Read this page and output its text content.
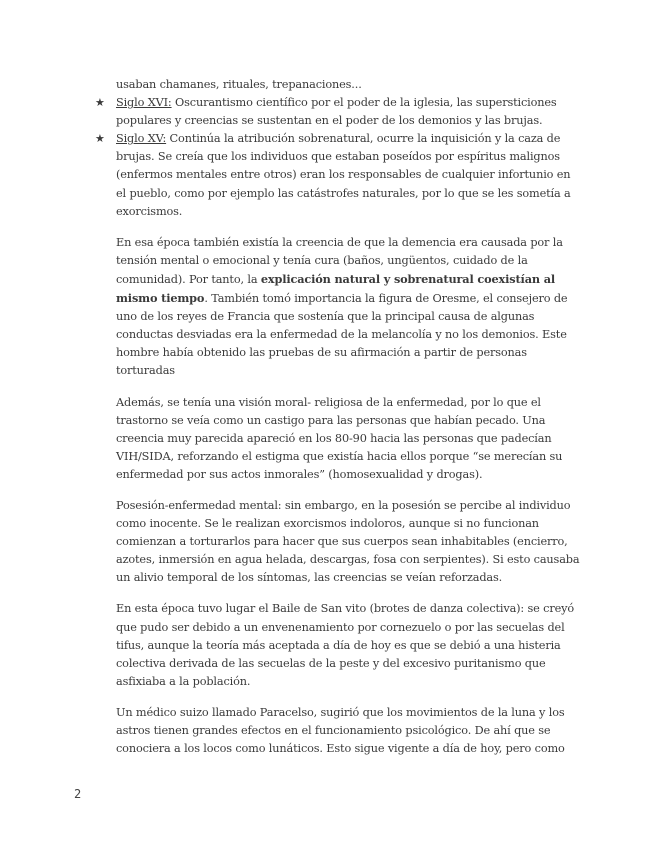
usaban chamanes, rituales, trepanaciones...
★ Siglo XVI: Oscurantismo científico por el poder de la iglesia, las supersticiones
populares y creencias se sustentan en el poder de los demonios y las brujas.
★ Siglo XV: Continúa la atribución sobrenatural, ocurre la inquisición y la caza de
brujas. Se creía que los individuos que estaban poseídos por espíritus malignos
(enfermos mentales entre otros) eran los responsables de cualquier infortunio en
el pueblo, como por ejemplo las catástrofes naturales, por lo que se les sometía a
exorcismos.
En esa época también existía la creencia de que la demencia era causada por la
tensión mental o emocional y tenía cura (baños, ungüentos, cuidado de la
comunidad). Por tanto, la explicación natural y sobrenatural coexistían al
mismo tiempo. También tomó importancia la figura de Oresme, el consejero de
uno de los reyes de Francia que sostenía que la principal causa de algunas
conductas desviadas era la enfermedad de la melancolía y no los demonios. Este
hombre había obtenido las pruebas de su afirmación a partir de personas
torturadas
Además, se tenía una visión moral- religiosa de la enfermedad, por lo que el
trastorno se veía como un castigo para las personas que habían pecado. Una
creencia muy parecida apareció en los 80-90 hacia las personas que padecían
VIH/SIDA, reforzando el estigma que existía hacia ellos porque “se merecían su
enfermedad por sus actos inmorales” (homosexualidad y drogas).
Posesión-enfermedad mental: sin embargo, en la posesión se percibe al individuo
como inocente. Se le realizan exorcismos indoloros, aunque si no funcionan
comienzan a torturarlos para hacer que sus cuerpos sean inhabitables (encierro,
azotes, inmersión en agua helada, descargas, fosa con serpientes). Si esto causaba
un alivio temporal de los síntomas, las creencias se veían reforzadas.
En esta época tuvo lugar el Baile de San vito (brotes de danza colectiva): se creyó
que pudo ser debido a un envenenamiento por cornezuelo o por las secuelas del
tifus, aunque la teoría más aceptada a día de hoy es que se debió a una histeria
colectiva derivada de las secuelas de la peste y del excesivo puritanismo que
asfixiaba a la población.
Un médico suizo llamado Paracelso, sugirió que los movimientos de la luna y los
astros tienen grandes efectos en el funcionamiento psicológico. De ahí que se
conociera a los locos como lunáticos. Esto sigue vigente a día de hoy, pero como
2
